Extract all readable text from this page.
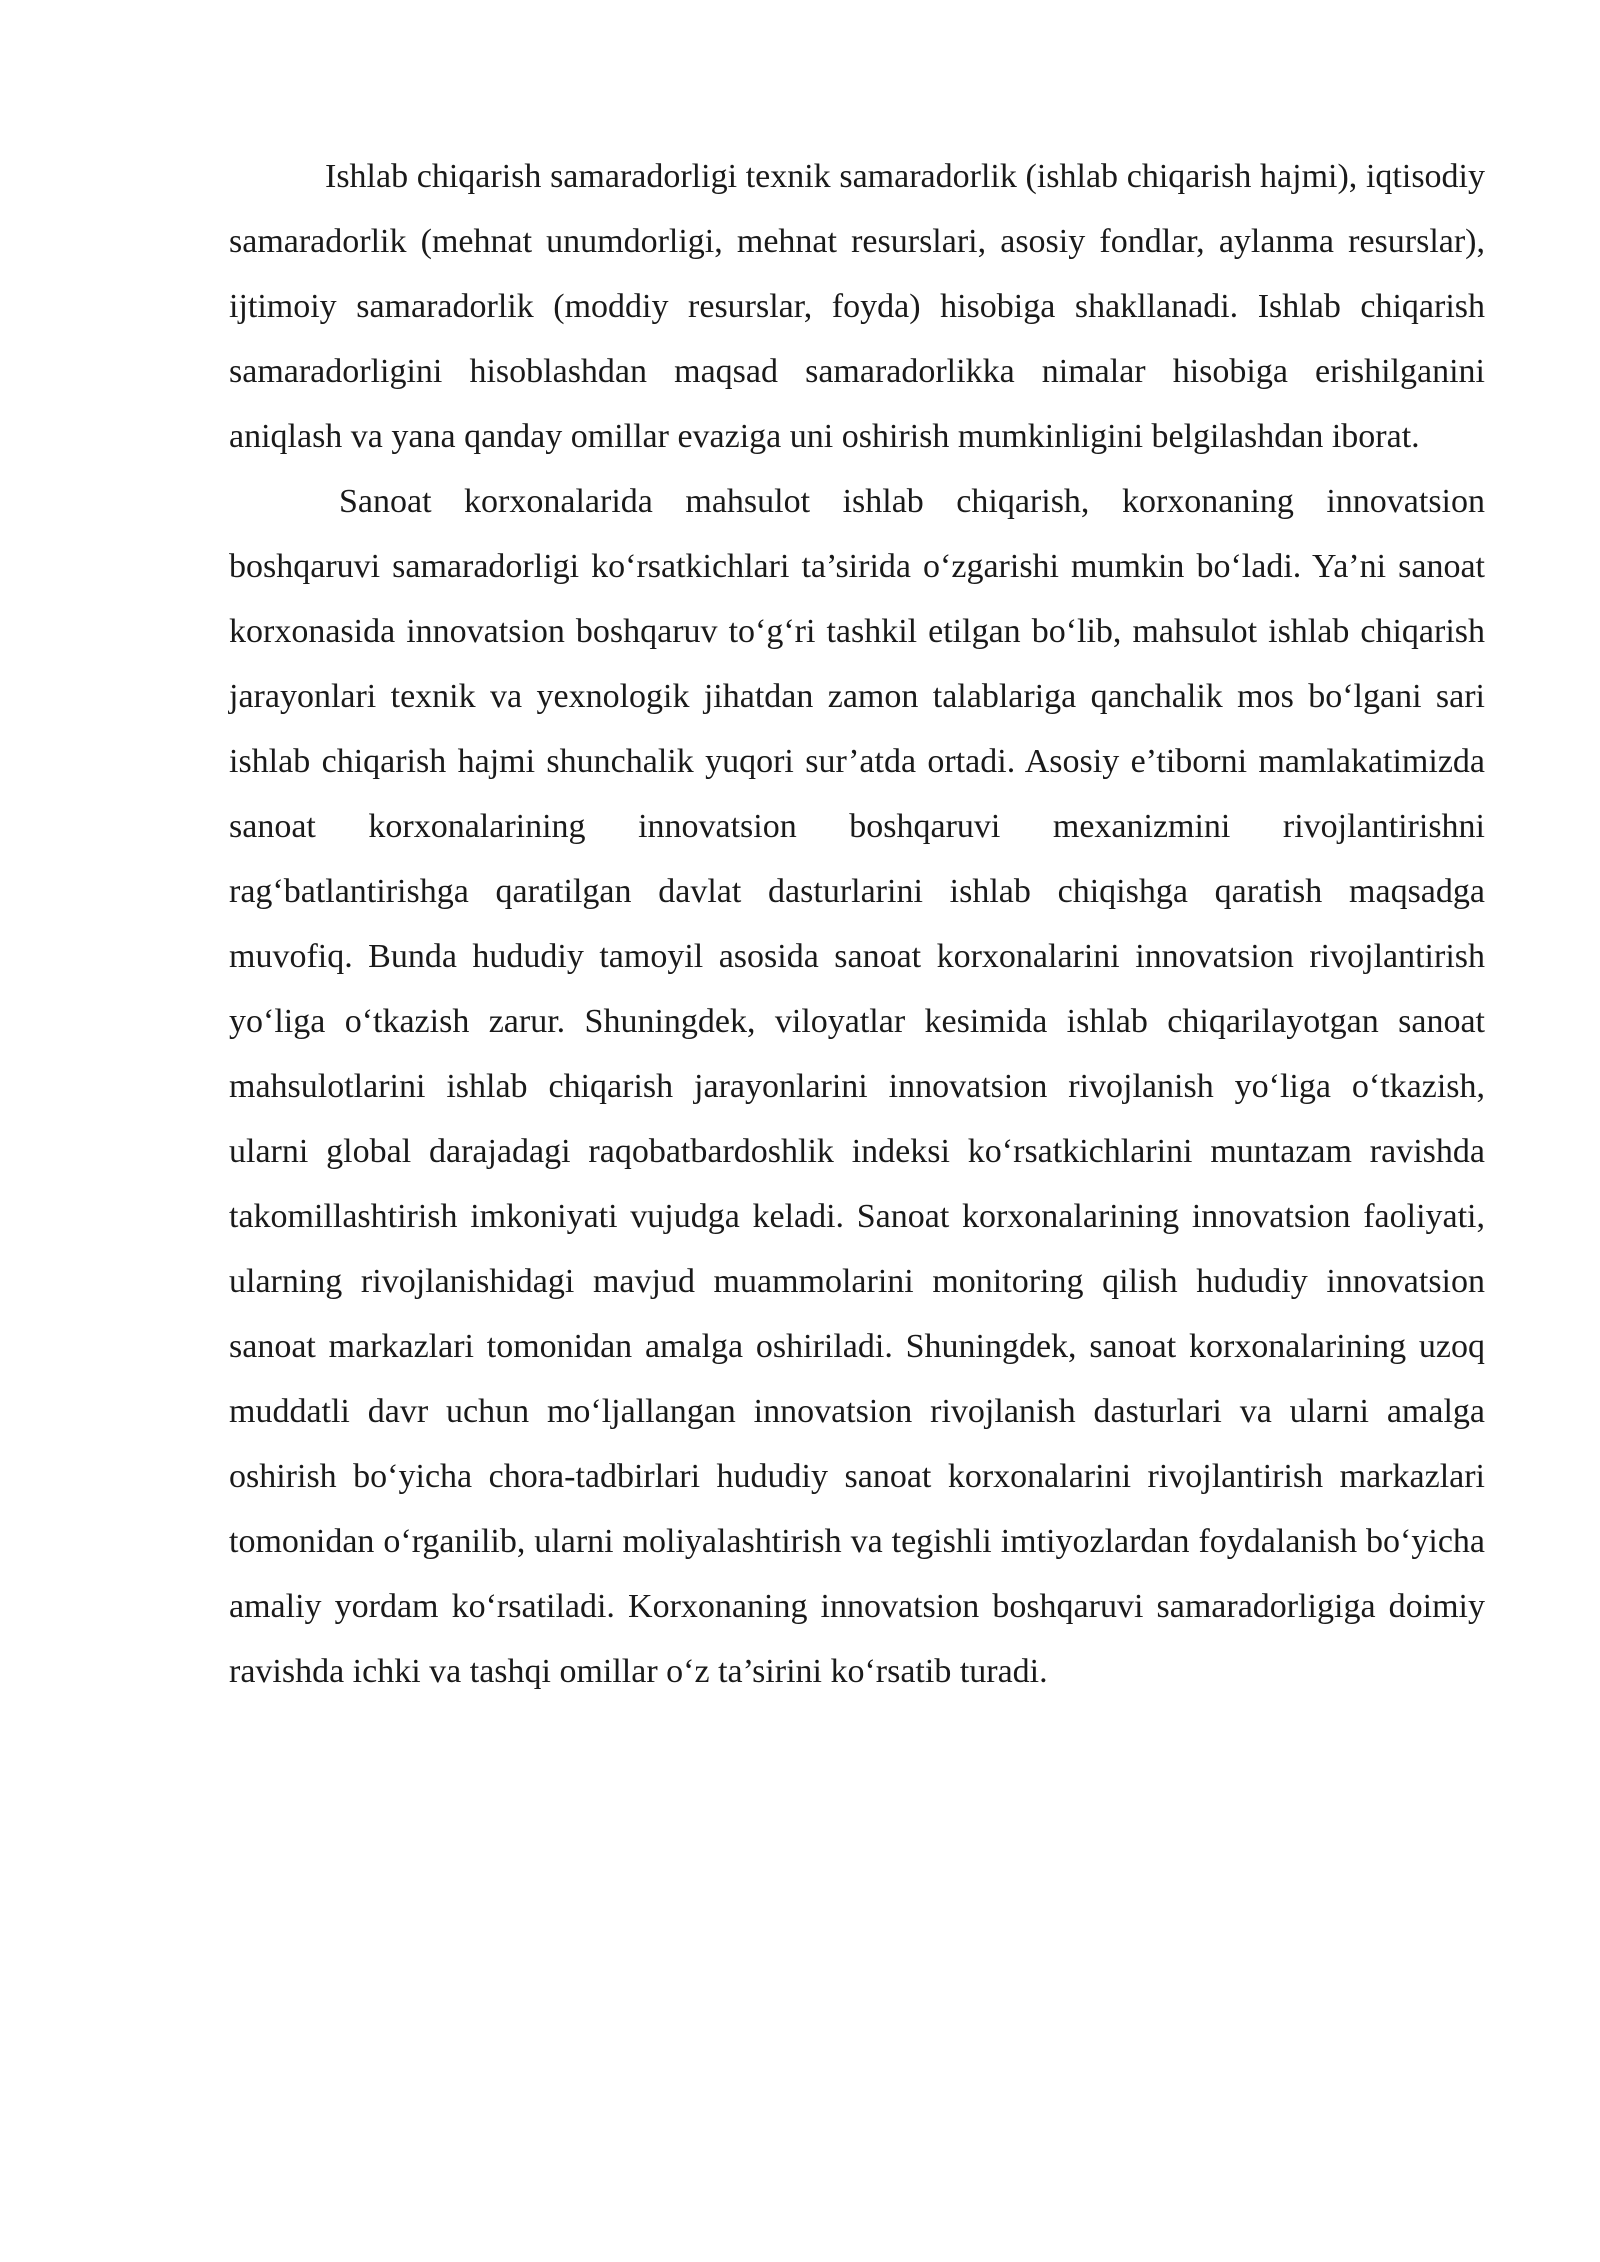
Ishlab chiqarish samaradorligi texnik samaradorlik (ishlab chiqarish hajmi), iqtisodiy samaradorlik (mehnat unumdorligi, mehnat resurslari, asosiy fondlar, aylanma resurslar), ijtimoiy samaradorlik (moddiy resurslar, foyda) hisobiga shakllanadi. Ishlab chiqarish samaradorligini hisoblashdan maqsad samaradorlikka nimalar hisobiga erishilganini aniqlash va yana qanday omillar evaziga uni oshirish mumkinligini belgilashdan iborat.

Sanoat korxonalarida mahsulot ishlab chiqarish, korxonaning innovatsion boshqaruvi samaradorligi ko‘rsatkichlari ta’sirida o‘zgarishi mumkin bo‘ladi. Ya’ni sanoat korxonasida innovatsion boshqaruv to‘g‘ri tashkil etilgan bo‘lib, mahsulot ishlab chiqarish jarayonlari texnik va yexnologik jihatdan zamon talablariga qanchalik mos bo‘lgani sari ishlab chiqarish hajmi shunchalik yuqori sur’atda ortadi. Asosiy e’tiborni mamlakatimizda sanoat korxonalarining innovatsion boshqaruvi mexanizmini rivojlantirishni rag‘batlantirishga qaratilgan davlat dasturlarini ishlab chiqishga qaratish maqsadga muvofiq. Bunda hududiy tamoyil asosida sanoat korxonalarini innovatsion rivojlantirish yo‘liga o‘tkazish zarur. Shuningdek, viloyatlar kesimida ishlab chiqarilayotgan sanoat mahsulotlarini ishlab chiqarish jarayonlarini innovatsion rivojlanish yo‘liga o‘tkazish, ularni global darajadagi raqobatbardoshlik indeksi ko‘rsatkichlarini muntazam ravishda takomillashtirish imkoniyati vujudga keladi. Sanoat korxonalarining innovatsion faoliyati, ularning rivojlanishidagi mavjud muammolarini monitoring qilish hududiy innovatsion sanoat markazlari tomonidan amalga oshiriladi. Shuningdek, sanoat korxonalarining uzoq muddatli davr uchun mo‘ljallangan innovatsion rivojlanish dasturlari va ularni amalga oshirish bo‘yicha chora-tadbirlari hududiy sanoat korxonalarini rivojlantirish markazlari tomonidan o‘rganilib, ularni moliyalashtirish va tegishli imtiyozlardan foydalanish bo‘yicha amaliy yordam ko‘rsatiladi. Korxonaning innovatsion boshqaruvi samaradorligiga doimiy ravishda ichki va tashqi omillar o‘z ta’sirini ko‘rsatib turadi.
